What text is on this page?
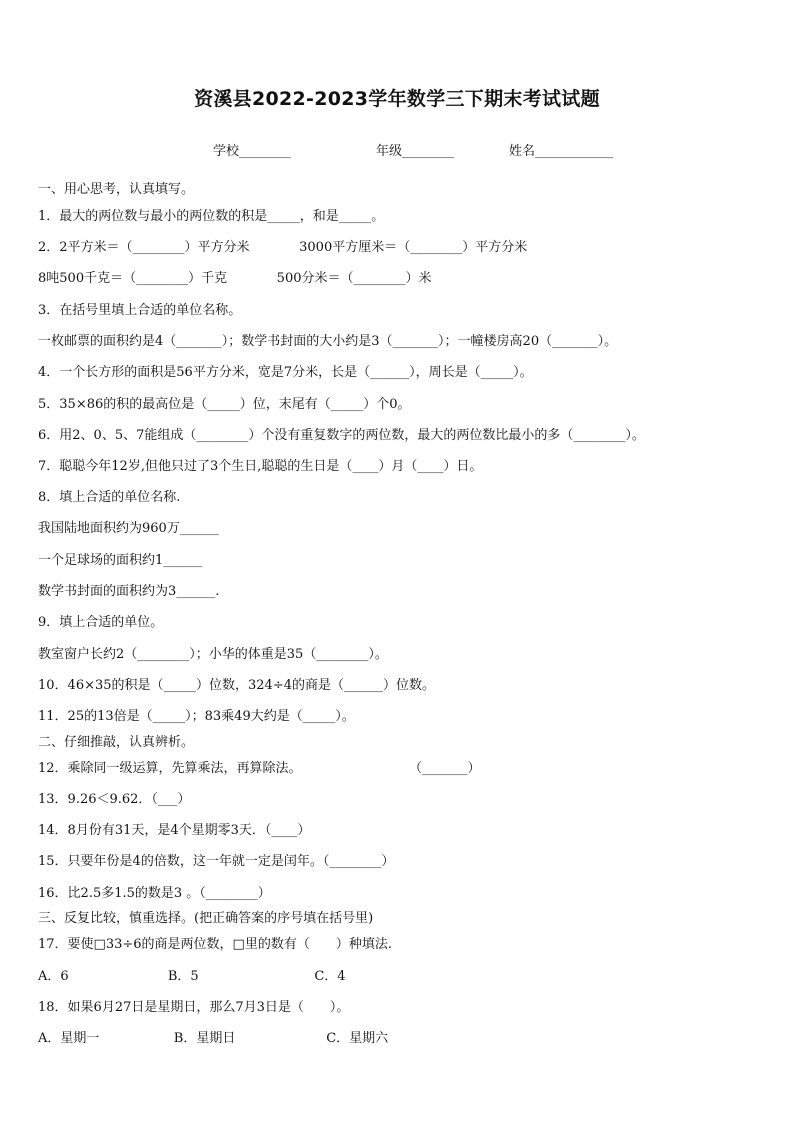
资溪县2022-2023学年数学三下期末考试试题
学校________	年级________	姓名____________
一、用心思考，认真填写。
1．最大的两位数与最小的两位数的积是_____，和是_____。
2．2平方米＝（________）平方分米            3000平方厘米＝（________）平方分米
8吨500千克＝（________）千克            500分米＝（________）米
3．在括号里填上合适的单位名称。
一枚邮票的面积约是4（_______）；数学书封面的大小约是3（_______）；一幢楼房高20（_______）。
4．一个长方形的面积是56平方分米，宽是7分米，长是（______），周长是（_____）。
5．35×86的积的最高位是（_____）位，末尾有（_____）个0。
6．用2、0、5、7能组成（________）个没有重复数字的两位数，最大的两位数比最小的多（________）。
7．聪聪今年12岁,但他只过了3个生日,聪聪的生日是（____）月（____）日。
8．填上合适的单位名称.
我国陆地面积约为960万______
一个足球场的面积约1______
数学书封面的面积约为3______.
9．填上合适的单位。
教室窗户长约2（________）；小华的体重是35（________）。
10．46×35的积是（_____）位数，324÷4的商是（______）位数。
11．25的13倍是（_____）；83乘49大约是（_____）。
二、仔细推敲，认真辨析。
12．乘除同一级运算，先算乘法，再算除法。                          （_______）
13．9.26＜9.62．（___）
14．8月份有31天，是4个星期零3天．（____）
15．只要年份是4的倍数，这一年就一定是闰年。（________）
16．比2.5多1.5的数是3 。（________）
三、反复比较，慎重选择。(把正确答案的序号填在括号里)
17．要使□33÷6的商是两位数，□里的数有（　　）种填法.
A．6                        B．5                            C．4
18．如果6月27日是星期日，那么7月3日是（　　）。
A．星期一                  B．星期日                      C．星期六
